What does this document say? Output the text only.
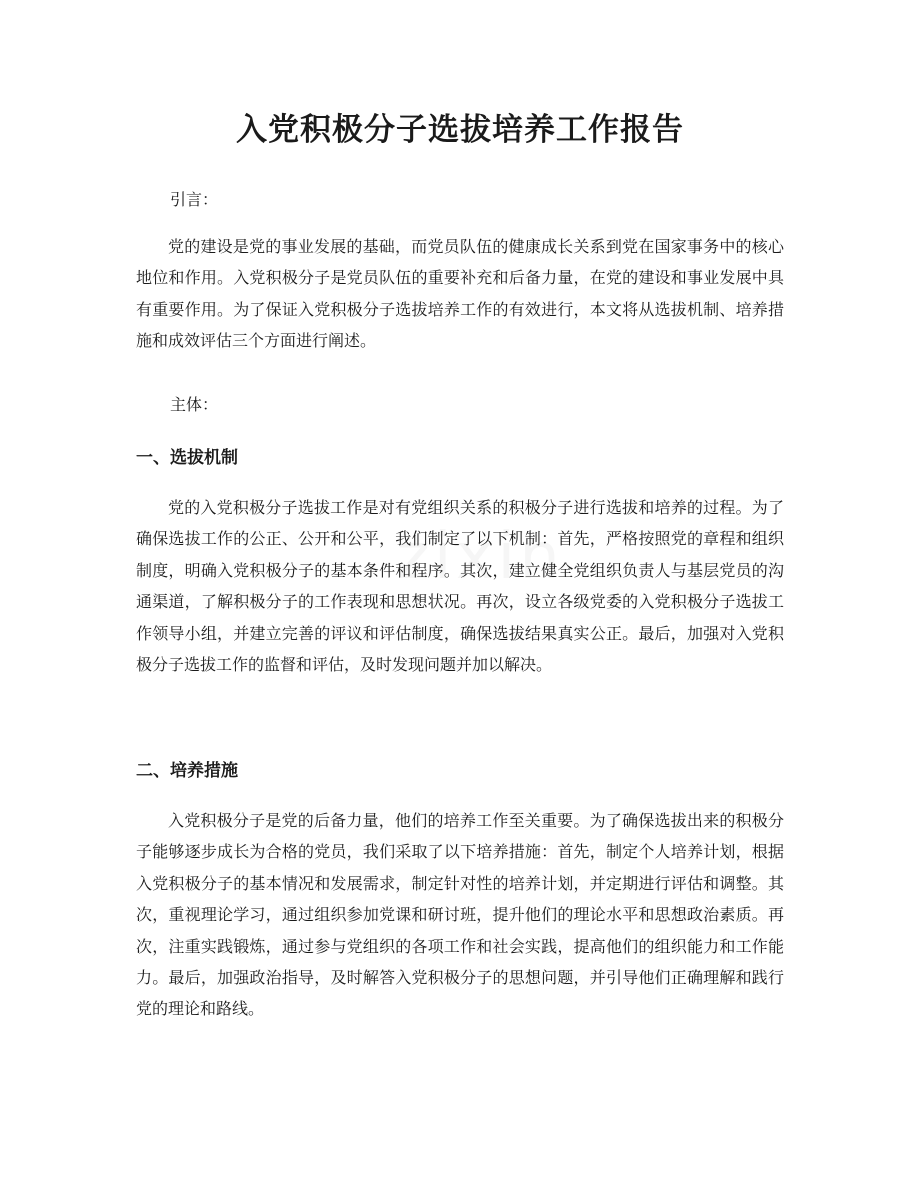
入党积极分子选拔培养工作报告

引言：

党的建设是党的事业发展的基础，而党员队伍的健康成长关系到党在国家事务中的核心地位和作用。入党积极分子是党员队伍的重要补充和后备力量，在党的建设和事业发展中具有重要作用。为了保证入党积极分子选拔培养工作的有效进行，本文将从选拔机制、培养措施和成效评估三个方面进行阐述。

主体：

一、选拔机制

党的入党积极分子选拔工作是对有党组织关系的积极分子进行选拔和培养的过程。为了确保选拔工作的公正、公开和公平，我们制定了以下机制：首先，严格按照党的章程和组织制度，明确入党积极分子的基本条件和程序。其次，建立健全党组织负责人与基层党员的沟通渠道，了解积极分子的工作表现和思想状况。再次，设立各级党委的入党积极分子选拔工作领导小组，并建立完善的评议和评估制度，确保选拔结果真实公正。最后，加强对入党积极分子选拔工作的监督和评估，及时发现问题并加以解决。

二、培养措施

入党积极分子是党的后备力量，他们的培养工作至关重要。为了确保选拔出来的积极分子能够逐步成长为合格的党员，我们采取了以下培养措施：首先，制定个人培养计划，根据入党积极分子的基本情况和发展需求，制定针对性的培养计划，并定期进行评估和调整。其次，重视理论学习，通过组织参加党课和研讨班，提升他们的理论水平和思想政治素质。再次，注重实践锻炼，通过参与党组织的各项工作和社会实践，提高他们的组织能力和工作能力。最后，加强政治指导，及时解答入党积极分子的思想问题，并引导他们正确理解和践行党的理论和路线。
